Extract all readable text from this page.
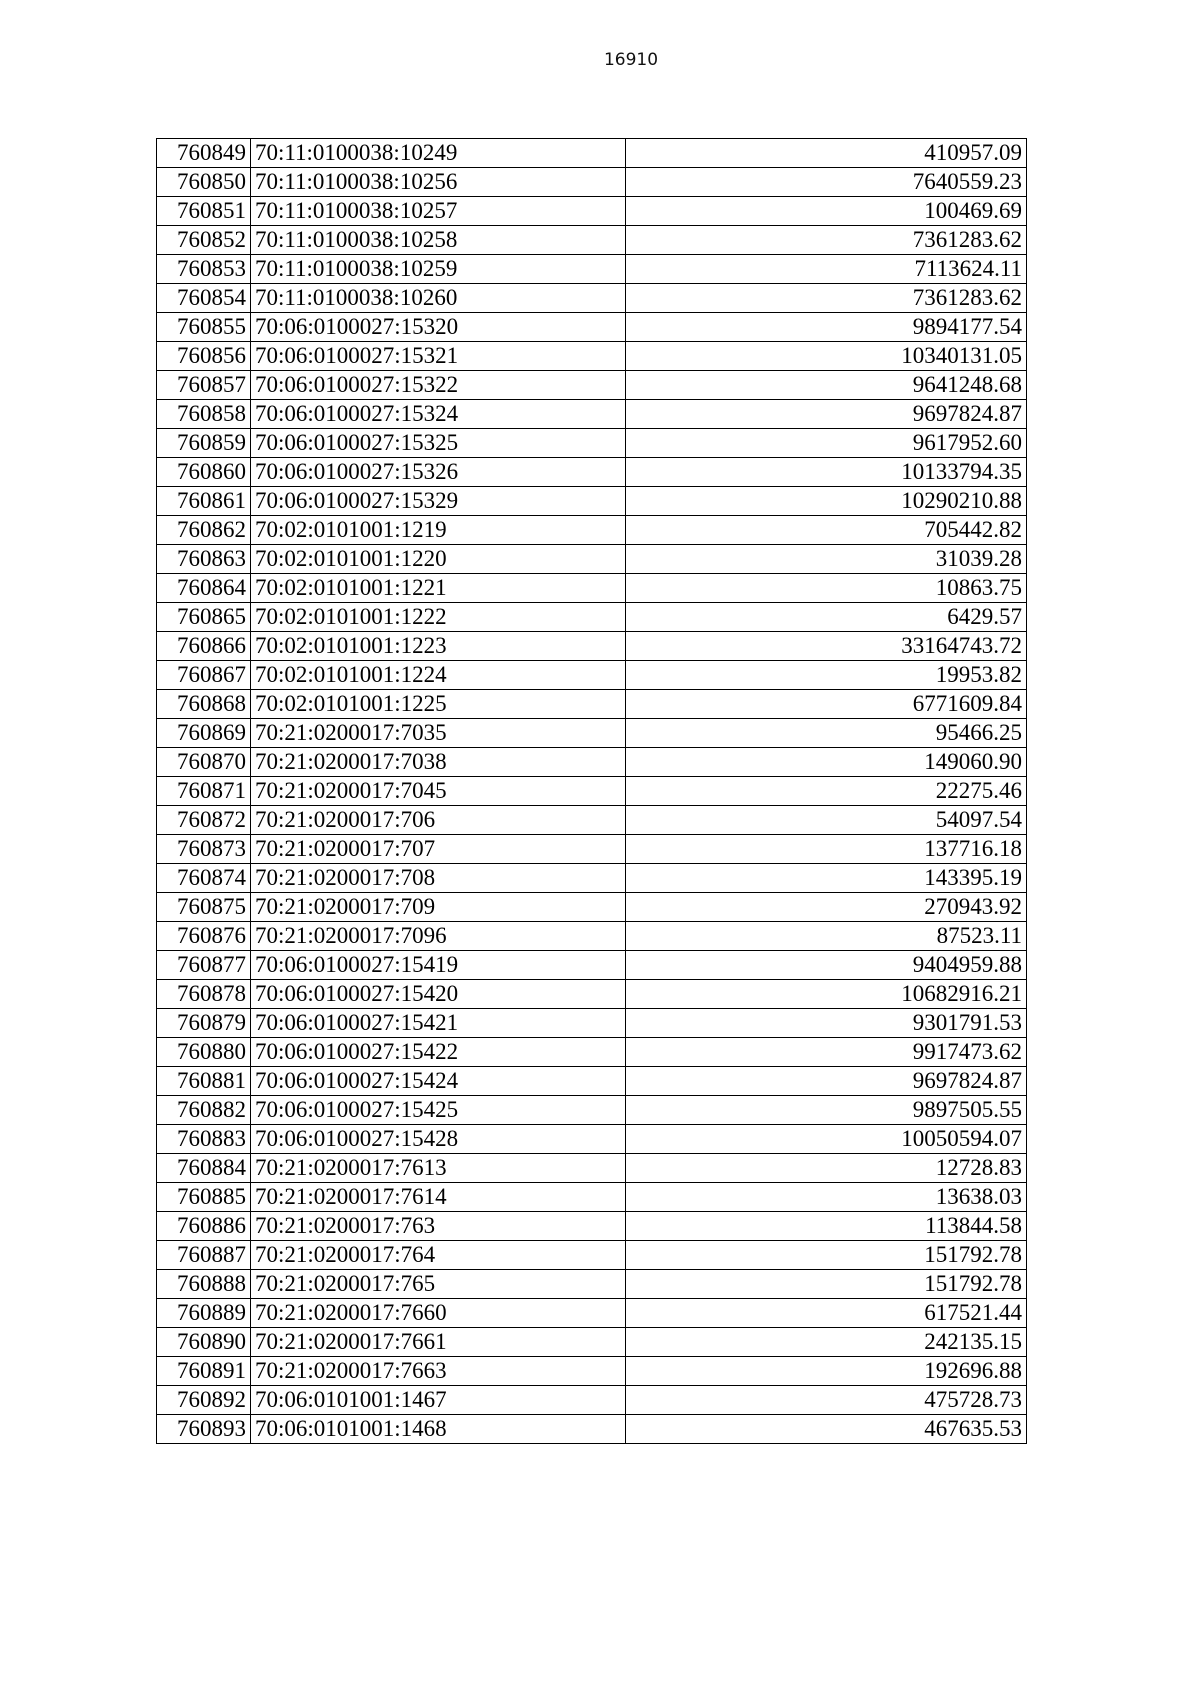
16910
760849	70:11:0100038:10249	410957.09
760850	70:11:0100038:10256	7640559.23
760851	70:11:0100038:10257	100469.69
760852	70:11:0100038:10258	7361283.62
760853	70:11:0100038:10259	7113624.11
760854	70:11:0100038:10260	7361283.62
760855	70:06:0100027:15320	9894177.54
760856	70:06:0100027:15321	10340131.05
760857	70:06:0100027:15322	9641248.68
760858	70:06:0100027:15324	9697824.87
760859	70:06:0100027:15325	9617952.60
760860	70:06:0100027:15326	10133794.35
760861	70:06:0100027:15329	10290210.88
760862	70:02:0101001:1219	705442.82
760863	70:02:0101001:1220	31039.28
760864	70:02:0101001:1221	10863.75
760865	70:02:0101001:1222	6429.57
760866	70:02:0101001:1223	33164743.72
760867	70:02:0101001:1224	19953.82
760868	70:02:0101001:1225	6771609.84
760869	70:21:0200017:7035	95466.25
760870	70:21:0200017:7038	149060.90
760871	70:21:0200017:7045	22275.46
760872	70:21:0200017:706	54097.54
760873	70:21:0200017:707	137716.18
760874	70:21:0200017:708	143395.19
760875	70:21:0200017:709	270943.92
760876	70:21:0200017:7096	87523.11
760877	70:06:0100027:15419	9404959.88
760878	70:06:0100027:15420	10682916.21
760879	70:06:0100027:15421	9301791.53
760880	70:06:0100027:15422	9917473.62
760881	70:06:0100027:15424	9697824.87
760882	70:06:0100027:15425	9897505.55
760883	70:06:0100027:15428	10050594.07
760884	70:21:0200017:7613	12728.83
760885	70:21:0200017:7614	13638.03
760886	70:21:0200017:763	113844.58
760887	70:21:0200017:764	151792.78
760888	70:21:0200017:765	151792.78
760889	70:21:0200017:7660	617521.44
760890	70:21:0200017:7661	242135.15
760891	70:21:0200017:7663	192696.88
760892	70:06:0101001:1467	475728.73
760893	70:06:0101001:1468	467635.53
